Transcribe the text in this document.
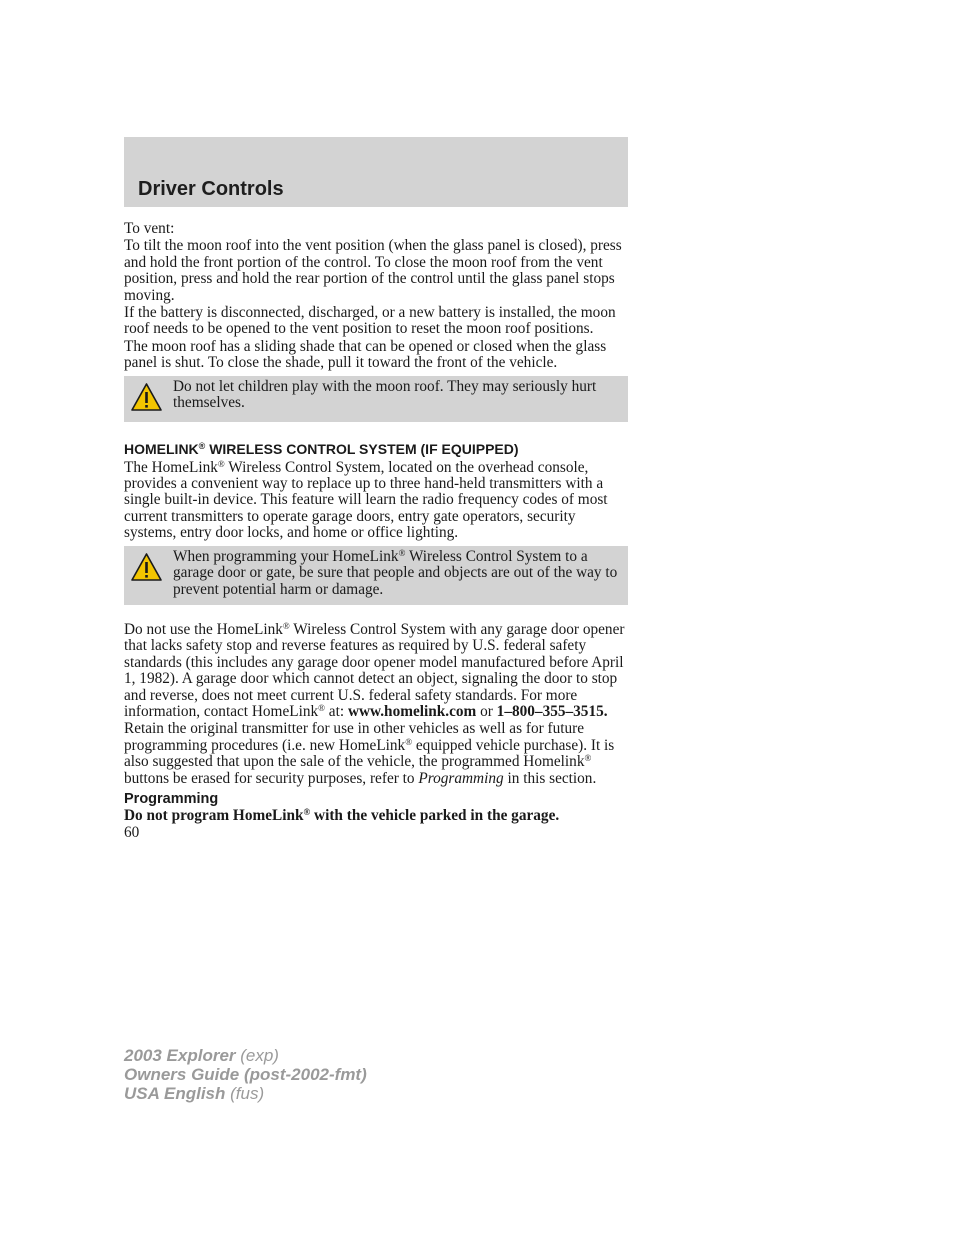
Driver Controls

To vent:

To tilt the moon roof into the vent position (when the glass panel is closed), press and hold the front portion of the control. To close the moon roof from the vent position, press and hold the rear portion of the control until the glass panel stops moving.

If the battery is disconnected, discharged, or a new battery is installed, the moon roof needs to be opened to the vent position to reset the moon roof positions.

The moon roof has a sliding shade that can be opened or closed when the glass panel is shut. To close the shade, pull it toward the front of the vehicle.

Do not let children play with the moon roof. They may seriously hurt themselves.

HOMELINK® WIRELESS CONTROL SYSTEM (IF EQUIPPED)

The HomeLink® Wireless Control System, located on the overhead console, provides a convenient way to replace up to three hand-held transmitters with a single built-in device. This feature will learn the radio frequency codes of most current transmitters to operate garage doors, entry gate operators, security systems, entry door locks, and home or office lighting.

When programming your HomeLink® Wireless Control System to a garage door or gate, be sure that people and objects are out of the way to prevent potential harm or damage.

Do not use the HomeLink® Wireless Control System with any garage door opener that lacks safety stop and reverse features as required by U.S. federal safety standards (this includes any garage door opener model manufactured before April 1, 1982). A garage door which cannot detect an object, signaling the door to stop and reverse, does not meet current U.S. federal safety standards. For more information, contact HomeLink® at: www.homelink.com or 1–800–355–3515.

Retain the original transmitter for use in other vehicles as well as for future programming procedures (i.e. new HomeLink® equipped vehicle purchase). It is also suggested that upon the sale of the vehicle, the programmed Homelink® buttons be erased for security purposes, refer to Programming in this section.

Programming

Do not program HomeLink® with the vehicle parked in the garage.

60

2003 Explorer (exp)
Owners Guide (post-2002-fmt)
USA English (fus)
